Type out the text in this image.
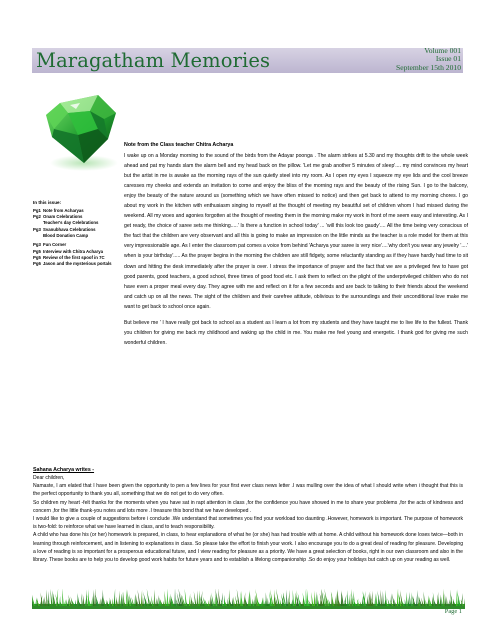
Maragatham Memories	Volume 001
Issue 01
September 15th 2010
In this issue:
Pg1 Note from Acharyas
Pg2 Onam Celebrations
Teacher's day Celebrations
Pg3 Svanubhava Celebrations
Blood Donation Camp
Pg3 Fun Corner
Pg5 Interview with Chitra Acharya
Pg5 Review of the first spoof in 7C
Pg6 Jason and the mysterious portals
Note from the Class teacher Chitra Acharya

I wake up on a Monday morning to the sound of the birds from the Adayar poonga . The alarm strikes at 5.30 and my thoughts drift to the whole week ahead and pat my hands slam the alarm bell and my head back on the pillow. 'Let me grab another 5 minutes of sleep'.... my mind convinces my heart but the artist in me is awake as the morning rays of the sun quietly steel into my room. As I open my eyes I squeeze my eye lids and the cool breeze caresses my cheeks and extends an invitation to come and enjoy the bliss of the morning rays and the beauty of the rising Sun. I go to the balcony, enjoy the beauty of the nature around us (something which we have often missed to notice) and then get back to attend to my morning chores. I go about my work in the kitchen with enthusiasm singing to myself at the thought of meeting my beautiful set of children whom I had missed during the weekend. All my woes and agonies forgotten at the thought of meeting them in the morning make my work in front of me seem easy and interesting. As I get ready, the choice of saree sets me thinking.....' Is there a function in school today' ... 'will this look too gaudy'.... All the time being very conscious of the fact that the children are very observant and all this is going to make an impression on the little minds as the teacher is a role model for them at this very impressionable age. As I enter the classroom pat comes a voice from behind 'Acharya your saree is very nice'....'why don't you wear any jewelry '....' when is your birthday'..... As the prayer begins in the morning the children are still fidgety, some reluctantly standing as if they have hardly had time to sit down and hitting the desk immediately after the prayer is over. I stress the importance of prayer and the fact that we are a privileged few to have got good parents, good teachers, a good school, three times of good food etc. I ask them to reflect on the plight of the underprivileged children who do not have even a proper meal every day. They agree with me and reflect on it for a few seconds and are back to talking to their friends about the weekend and catch up on all the news. The sight of the children and their carefree attitude, oblivious to the surroundings and their unconditional love make me want to get back to school once again.

But believe me ' I have really got back to school as a student as I learn a lot from my students and they have taught me to live life to the fullest. Thank you children for giving me back my childhood and waking up the child in me. You make me feel young and energetic. I thank god for giving me such wonderful children.

Sahana Acharya writes -

Dear children,

Namaste, I am elated that I have been given the opportunity to pen a few lines for your first ever class news letter .I was mulling over the idea of what I should write when i thought that this is the perfect opportunity to thank you all, something that we do not get to do very often.

So children my heart -felt thanks for the moments when you have sat in rapt attention in class ,for the confidence you have showed in me to share your problems ,for the acts of kindness and concern ,for the little thank-you notes and lots more .I treasure this bond that we have developed .

I would like to give a couple of suggestions before i conclude .We understand that sometimes you find your workload too daunting .However, homework is important. The purpose of homework is two-fold: to reinforce what we have learned in class, and to teach responsibility.

A child who has done his (or her) homework is prepared, in class, to hear explanations of what he (or she) has had trouble with at home. A child without his homework done loses twice—both in learning through reinforcement, and in listening to explanations in class. So please take the effort to finish your work. I also encourage you to do a great deal of reading for pleasure. Developing a love of reading is so important for a prosperous educational future, and I view reading for pleasure as a priority. We have a great selection of books, right in our own classroom and also in the library. These books are to help you to develop good work habits for future years and to establish a lifelong companionship .So do enjoy your holidays but catch up on your reading as well.

Page 1
